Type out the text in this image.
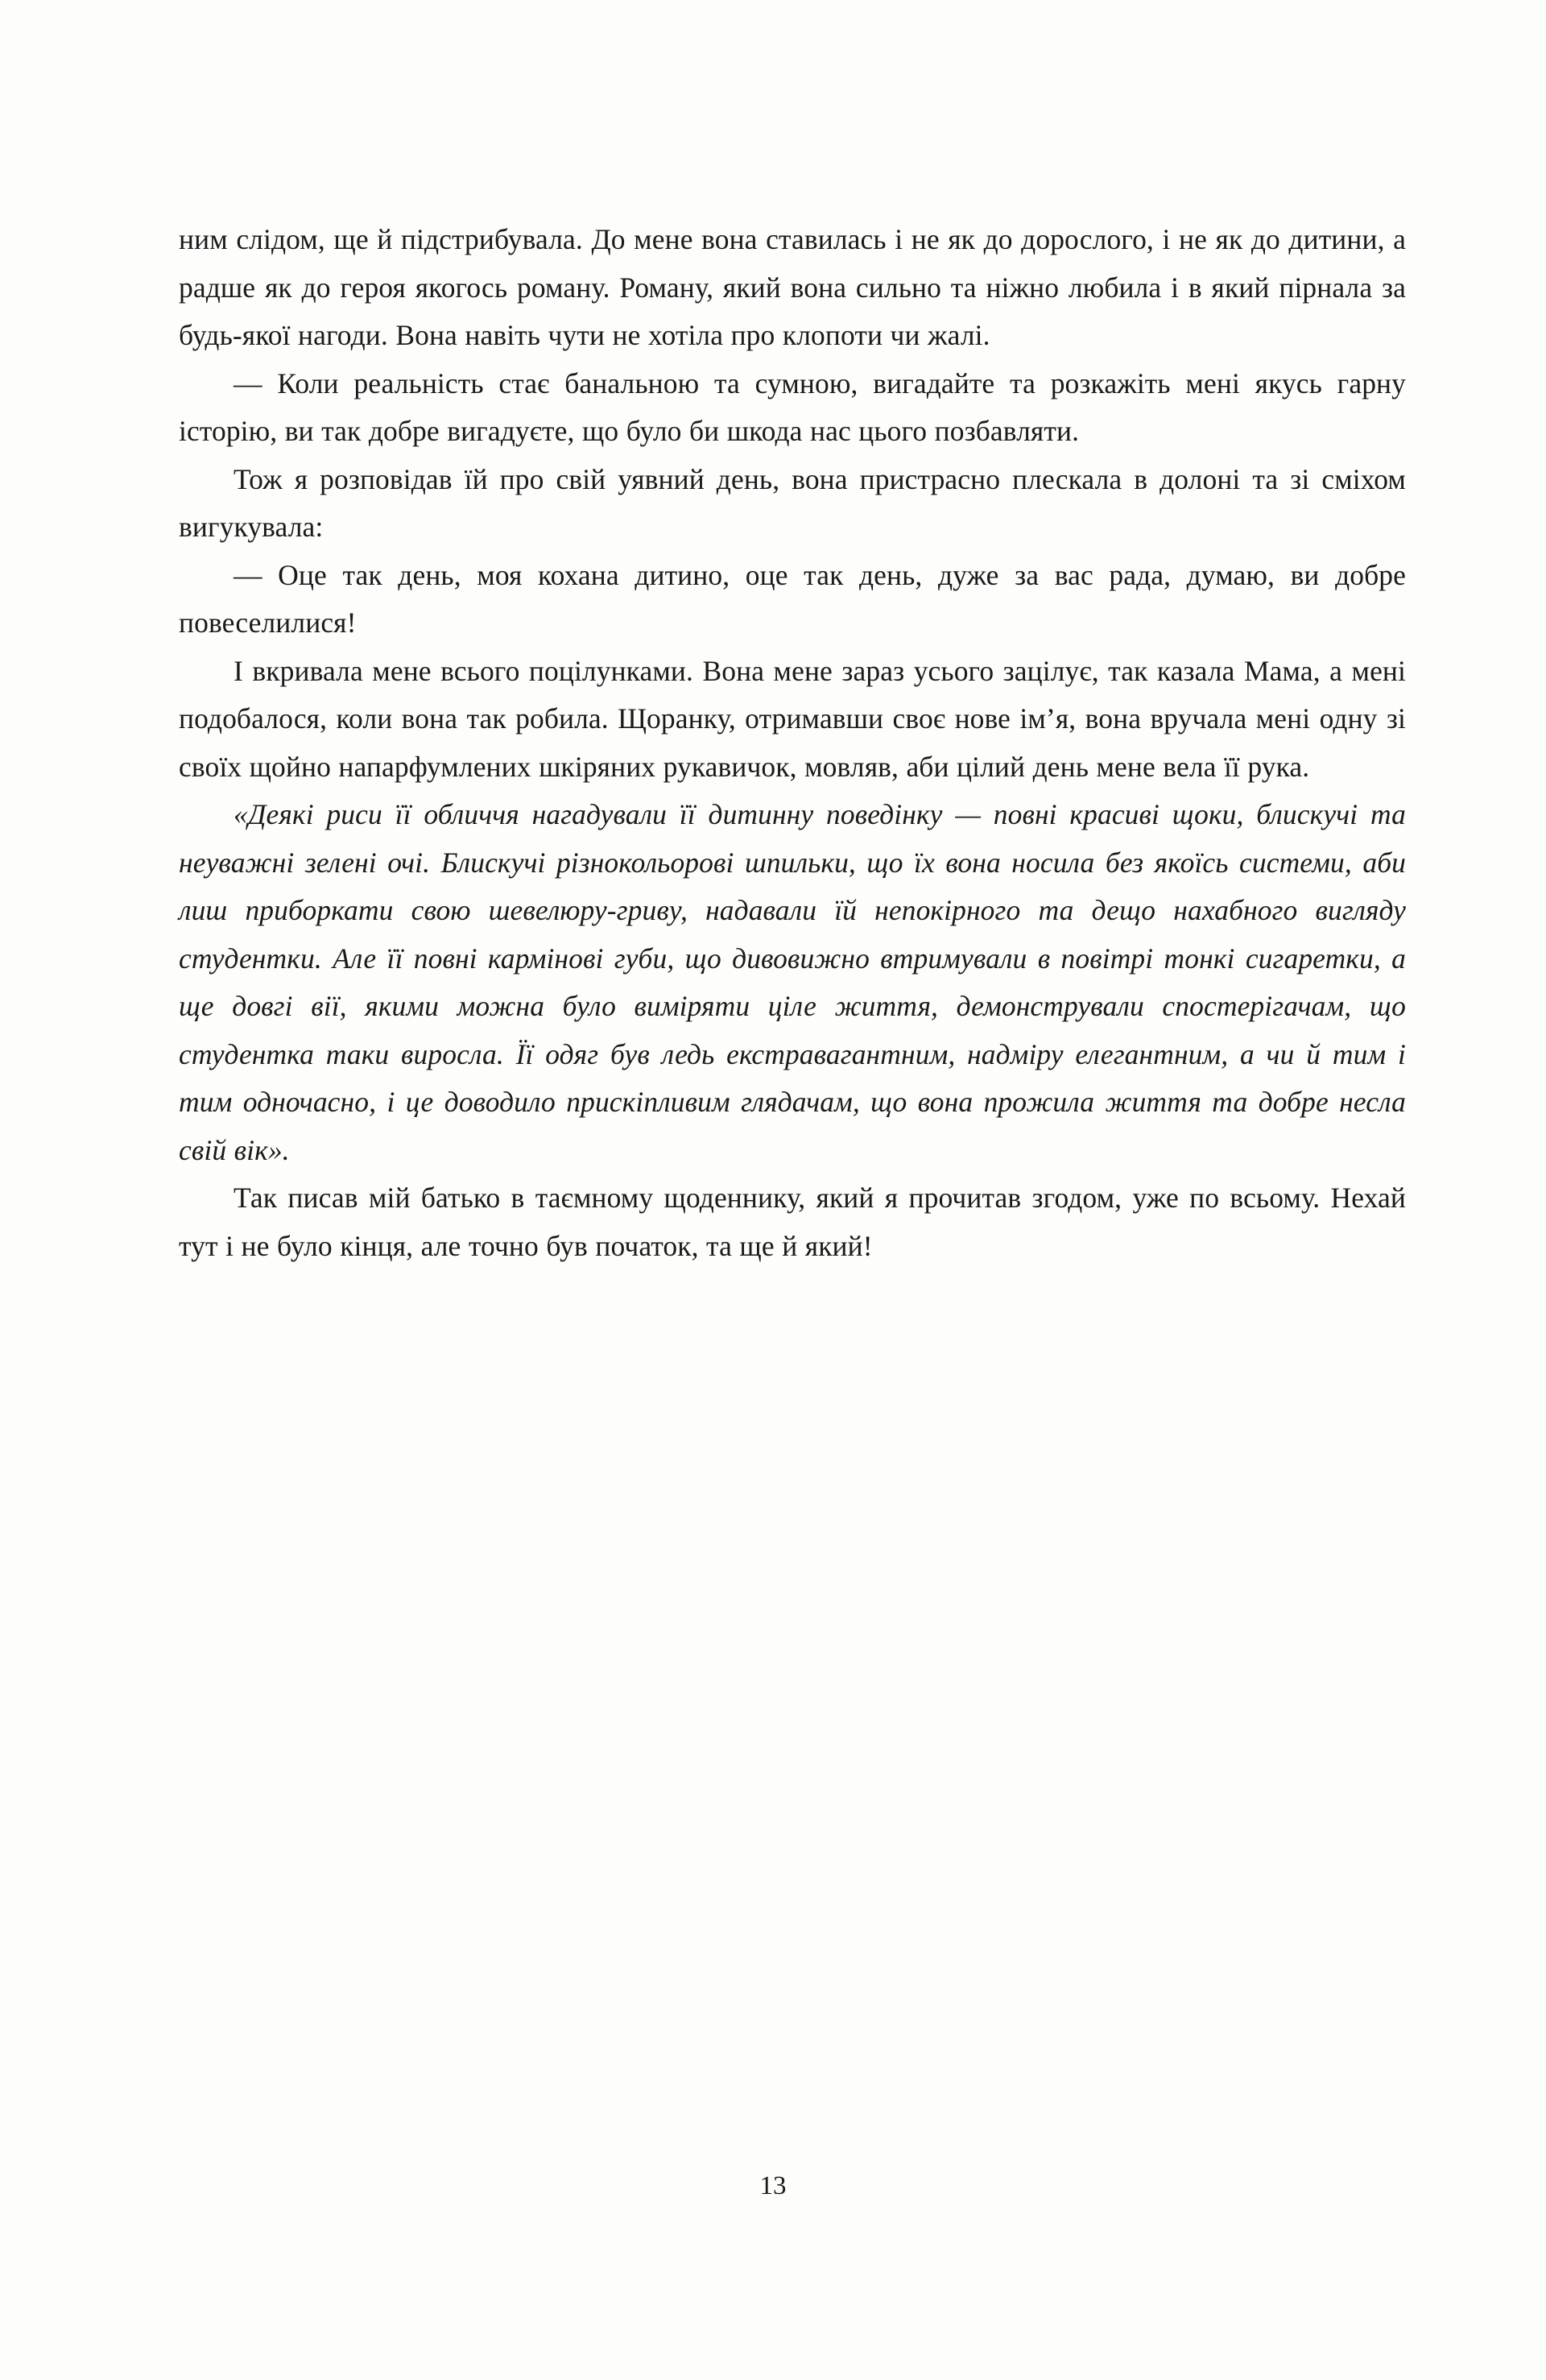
ним слідом, ще й підстрибувала. До мене вона ставилась і не як до дорослого, і не як до дитини, а радше як до героя якогось роману. Роману, який вона сильно та ніжно любила і в який пірнала за будь-якої нагоди. Вона навіть чути не хотіла про клопоти чи жалі.

— Коли реальність стає банальною та сумною, вигадайте та розкажіть мені якусь гарну історію, ви так добре вигадуєте, що було би шкода нас цього позбавляти.

Тож я розповідав їй про свій уявний день, вона пристрасно плескала в долоні та зі сміхом вигукувала:

— Оце так день, моя кохана дитино, оце так день, дуже за вас рада, думаю, ви добре повеселилися!

І вкривала мене всього поцілунками. Вона мене зараз усього зацілує, так казала Мама, а мені подобалося, коли вона так робила. Щоранку, отримавши своє нове ім’я, вона вручала мені одну зі своїх щойно напарфумлених шкіряних рукавичок, мовляв, аби цілий день мене вела її рука.

«Деякі риси її обличчя нагадували її дитинну поведінку — повні красиві щоки, блискучі та неуважні зелені очі. Блискучі різнокольорові шпильки, що їх вона носила без якоїсь системи, аби лиш приборкати свою шевелюру-гриву, надавали їй непокірного та дещо нахабного вигляду студентки. Але її повні кармінові губи, що дивовижно втримували в повітрі тонкі сигаретки, а ще довгі вії, якими можна було виміряти ціле життя, демонстрували спостерігачам, що студентка таки виросла. Її одяг був ледь екстравагантним, надміру елегантним, а чи й тим і тим одночасно, і це доводило прискіпливим глядачам, що вона прожила життя та добре несла свій вік».

Так писав мій батько в таємному щоденнику, який я прочитав згодом, уже по всьому. Нехай тут і не було кінця, але точно був початок, та ще й який!

13
